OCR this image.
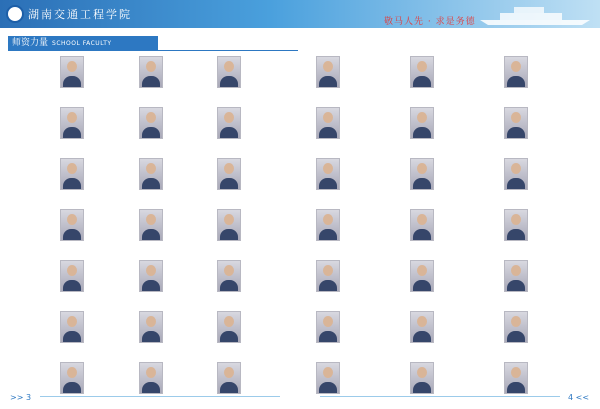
湖南交通工程学院
敬马人先 · 求是务德
师资力量 SCHOOL FACULTY
>> 3	4 <<
